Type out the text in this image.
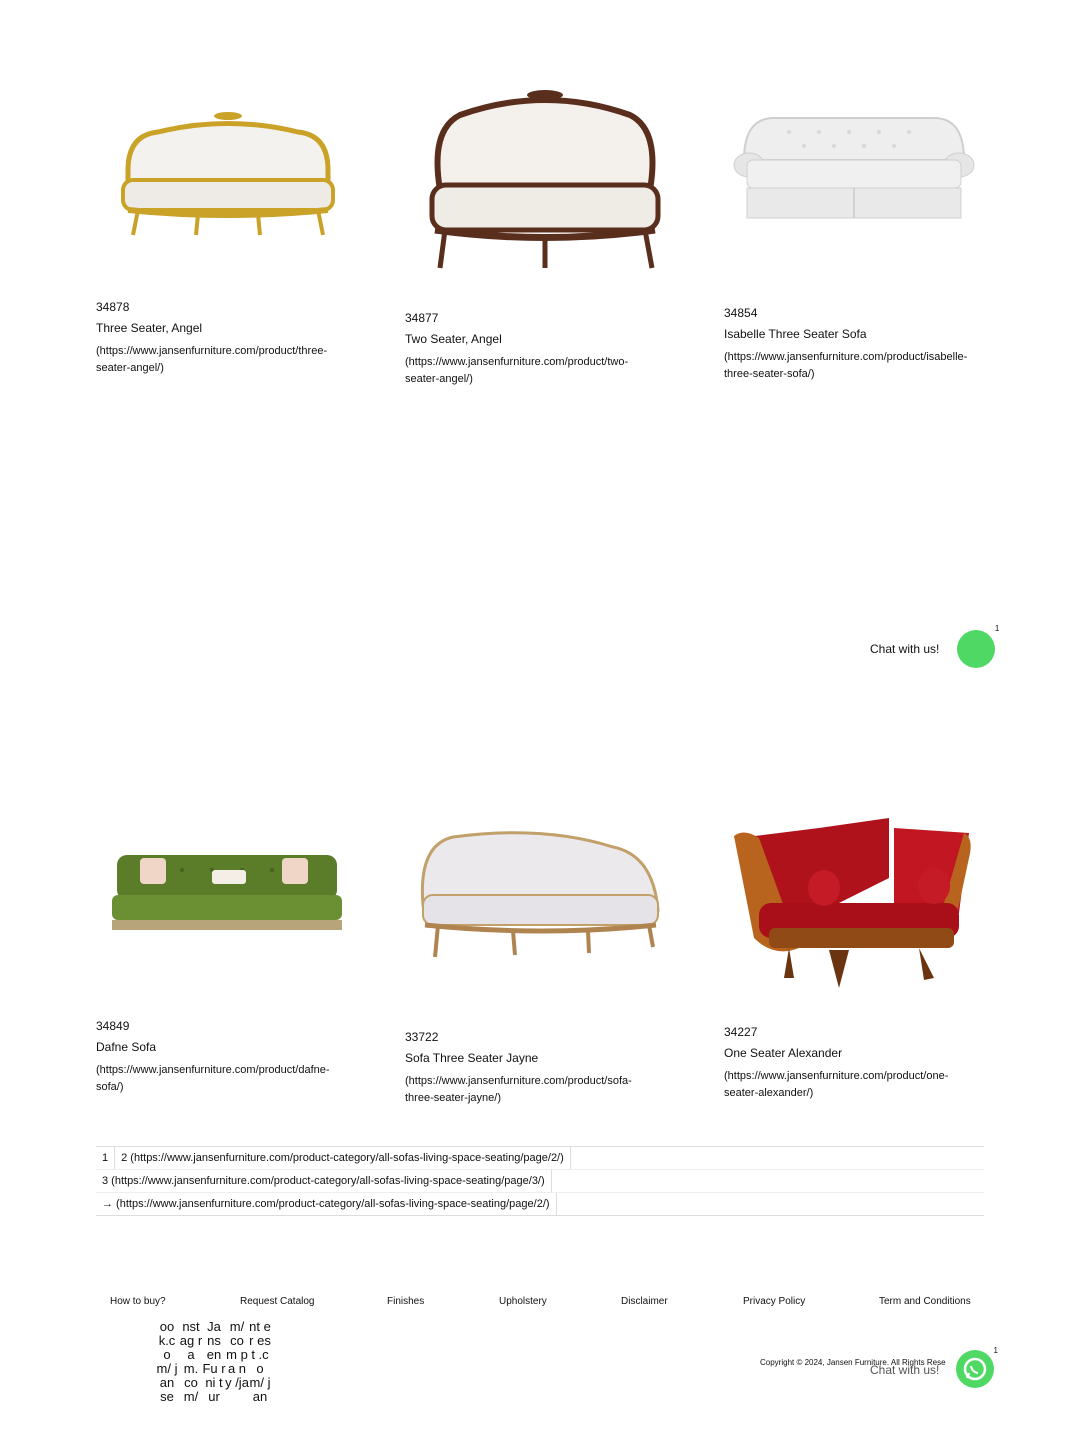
34878
Three Seater, Angel
(https://www.jansenfurniture.com/product/three-seater-angel/)
34877
Two Seater, Angel
(https://www.jansenfurniture.com/product/two-seater-angel/)
34854
Isabelle Three Seater Sofa
(https://www.jansenfurniture.com/product/isabelle-three-seater-sofa/)
Chat with us!
1
34849
Dafne Sofa
(https://www.jansenfurniture.com/product/dafne-sofa/)
33722
Sofa Three Seater Jayne
(https://www.jansenfurniture.com/product/sofa-three-seater-jayne/)
34227
One Seater Alexander
(https://www.jansenfurniture.com/product/one-seater-alexander/)
1	2 (https://www.jansenfurniture.com/product-category/all-sofas-living-space-seating/page/2/)
3 (https://www.jansenfurniture.com/product-category/all-sofas-living-space-seating/page/3/)
→ (https://www.jansenfurniture.com/product-category/all-sofas-living-space-seating/page/2/)
How to buy?	Request Catalog	Finishes	Upholstery	Disclaimer	Privacy Policy	Term and Conditions
oo k.c o m/ jan se
nst ag ra m. co m/
Ja ns en Fu rni tur
m/ co m pa ny /ja
nt er est .co m/ jan
Copyright © 2024, Jansen Furniture. All Rights Rese
Chat with us!
1
